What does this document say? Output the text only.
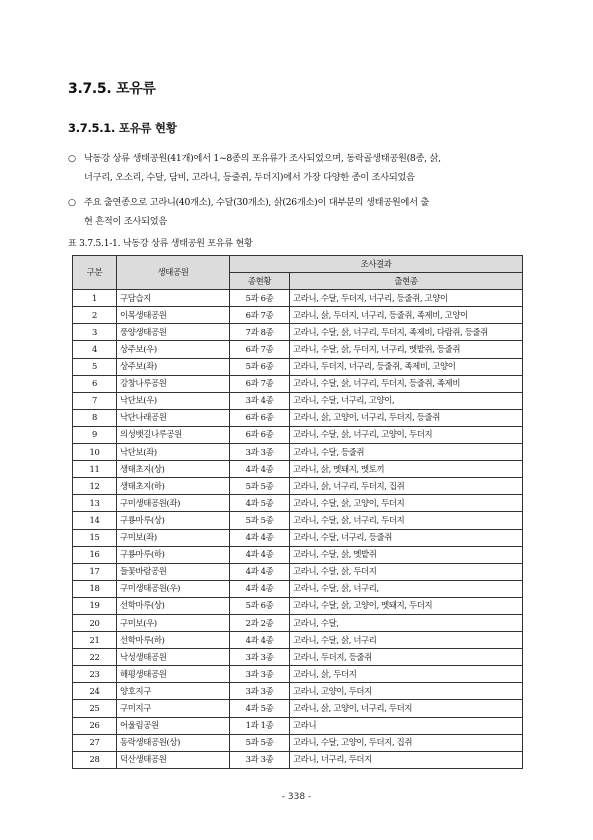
3.7.5. 포유류
3.7.5.1. 포유류 현황
○ 낙동강 상류 생태공원(41개)에서 1~8종의 포유류가 조사되었으며, 동락골생태공원(8종, 삵,
너구리, 오소리, 수달, 담비, 고라니, 등줄쥐, 두더지)에서 가장 다양한 종이 조사되었음
○ 주요 출연종으로 고라니(40개소), 수달(30개소), 삵(26개소)이 대부분의 생태공원에서 출
현 흔적이 조사되었음
표 3.7.5.1-1. 낙동강 상류 생태공원 포유류 현황
구분	생태공원	조사결과	
		종현황	출현종
1	구담습지	5과 6종	고라니, 수달, 두더지, 너구리, 등줄쥐, 고양이
2	이목생태공원	6과 7종	고라니, 삵, 두더지, 너구리, 등줄쥐, 족제비, 고양이
3	풍양생태공원	7과 8종	고라니, 수달, 삵, 너구리, 두더지, 족제비, 다람쥐, 등줄쥐
4	상주보(우)	6과 7종	고라니, 수달, 삵, 두더지, 너구리, 멧밭쥐, 등줄쥐
5	상주보(좌)	5과 6종	고라니, 두더지, 너구리, 등줄쥐, 족제비, 고양이
6	강창나루공원	6과 7종	고라니, 수달, 삵, 너구리, 두더지, 등줄쥐, 족제비
7	낙단보(우)	3과 4종	고라니, 수달, 너구리, 고양이,
8	낙단나래공원	6과 6종	고라니, 삵, 고양이, 너구리, 두더지, 등줄쥐
9	의성뱃길나루공원	6과 6종	고라니, 수달, 삵, 너구리, 고양이, 두더지
10	낙단보(좌)	3과 3종	고라니, 수달, 등줄쥐
11	생태초지(상)	4과 4종	고라니, 삵, 멧돼지, 멧토끼
12	생태초지(하)	5과 5종	고라니, 삵, 너구리, 두더지, 집쥐
13	구미생태공원(좌)	4과 5종	고라니, 수달, 삵, 고양이, 두더지
14	구룡마루(상)	5과 5종	고라니, 수달, 삵, 너구리, 두더지
15	구미보(좌)	4과 4종	고라니, 수달, 너구리, 등줄쥐
16	구룡마루(하)	4과 4종	고라니, 수달, 삵, 멧밭쥐
17	들꽃바람공원	4과 4종	고라니, 수달, 삵, 두더지
18	구미생태공원(우)	4과 4종	고라니, 수달, 삵, 너구리,
19	선학마루(상)	5과 6종	고라니, 수달, 삵, 고양이, 멧돼지, 두더지
20	구미보(우)	2과 2종	고라니, 수달,
21	선학마루(하)	4과 4종	고라니, 수달, 삵, 너구리
22	낙성생태공원	3과 3종	고라니, 두더지, 등줄쥐
23	해평생태공원	3과 3종	고라니, 삵, 두더지
24	양호지구	3과 3종	고라니, 고양이, 두더지
25	구미지구	4과 5종	고라니, 삵, 고양이, 너구리, 두더지
26	어울림공원	1과 1종	고라니
27	동락생태공원(상)	5과 5종	고라니, 수달, 고양이, 두더지, 집쥐
28	덕산생태공원	3과 3종	고라니, 너구리, 두더지
- 338 -
